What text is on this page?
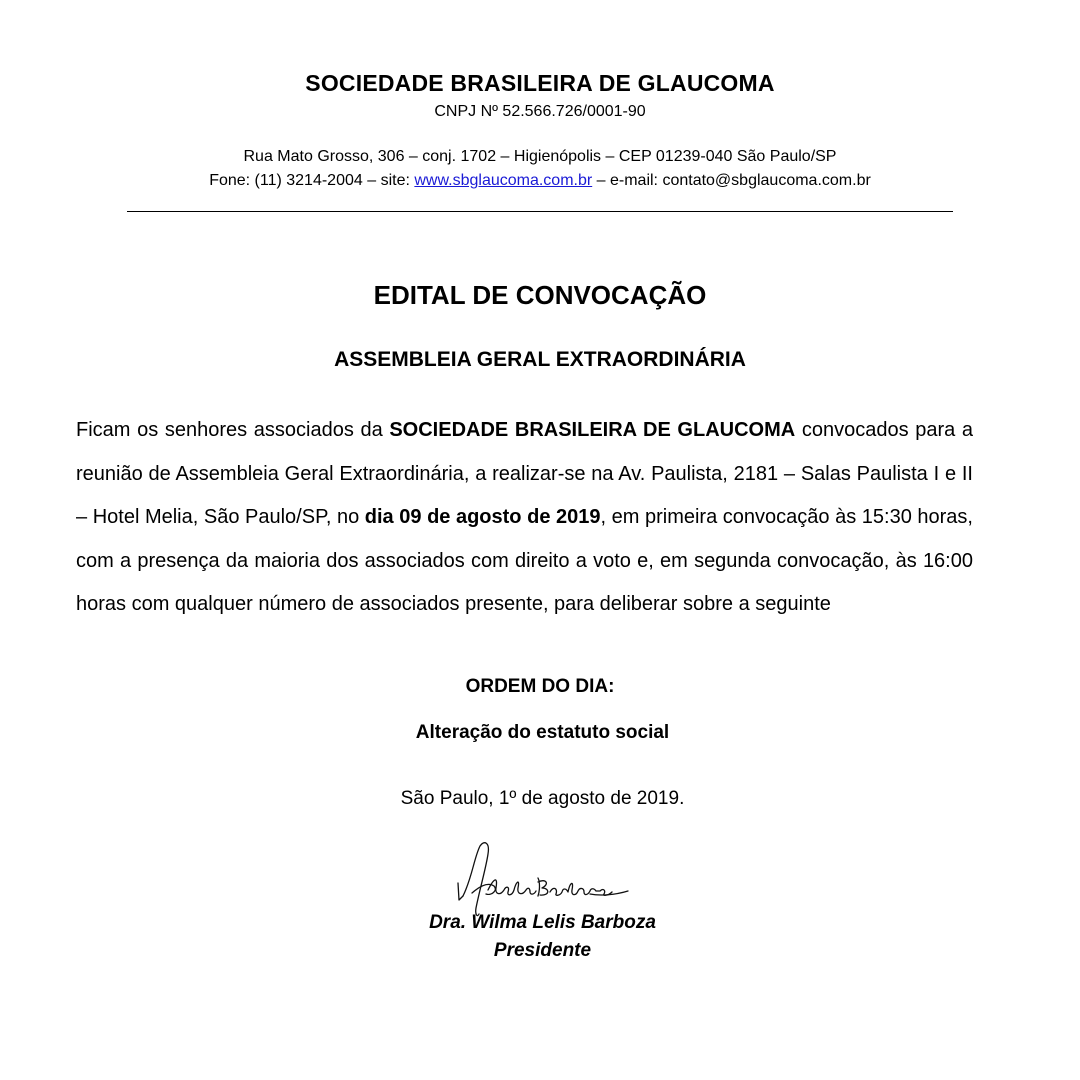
SOCIEDADE BRASILEIRA DE GLAUCOMA
CNPJ Nº 52.566.726/0001-90
Rua Mato Grosso, 306 – conj. 1702 – Higienópolis – CEP 01239-040 São Paulo/SP
Fone: (11) 3214-2004 – site: www.sbglaucoma.com.br – e-mail: contato@sbglaucoma.com.br
EDITAL DE CONVOCAÇÃO
ASSEMBLEIA GERAL EXTRAORDINÁRIA
Ficam os senhores associados da SOCIEDADE BRASILEIRA DE GLAUCOMA convocados para a reunião de Assembleia Geral Extraordinária, a realizar-se na Av. Paulista, 2181 – Salas Paulista I e II – Hotel Melia, São Paulo/SP, no dia 09 de agosto de 2019, em primeira convocação às 15:30 horas, com a presença da maioria dos associados com direito a voto e, em segunda convocação, às 16:00 horas com qualquer número de associados presente, para deliberar sobre a seguinte
ORDEM DO DIA:
Alteração do estatuto social
São Paulo, 1º de agosto de 2019.
Dra. Wilma Lelis Barboza
Presidente
